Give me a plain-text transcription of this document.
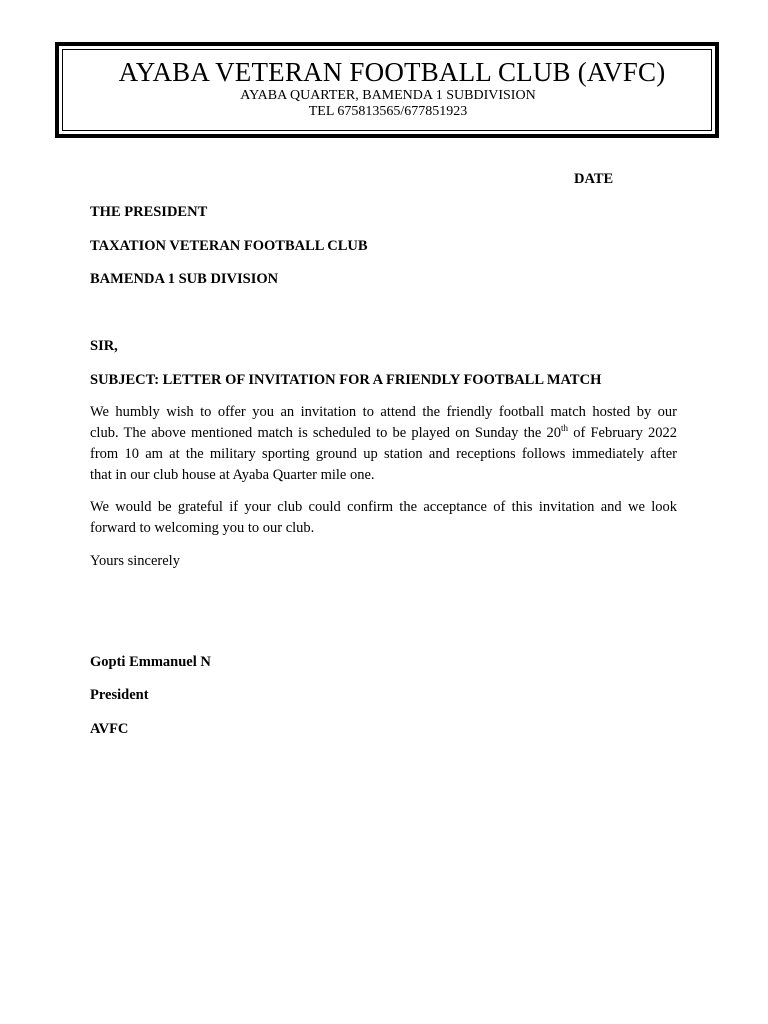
AYABA VETERAN FOOTBALL CLUB (AVFC)
AYABA QUARTER, BAMENDA 1 SUBDIVISION
TEL 675813565/677851923
DATE
THE PRESIDENT
TAXATION VETERAN FOOTBALL CLUB
BAMENDA 1 SUB DIVISION
SIR,
SUBJECT: LETTER OF INVITATION FOR A FRIENDLY FOOTBALL MATCH
We humbly wish to offer you an invitation to attend the friendly football match hosted by our
club. The above mentioned match is scheduled to be played on Sunday the 20th of February 2022
from 10 am at the military sporting ground up station and receptions follows immediately after
that in our club house at Ayaba Quarter mile one.
We would be grateful if your club could confirm the acceptance of this invitation and we look
forward to welcoming you to our club.
Yours sincerely
Gopti Emmanuel N
President
AVFC
